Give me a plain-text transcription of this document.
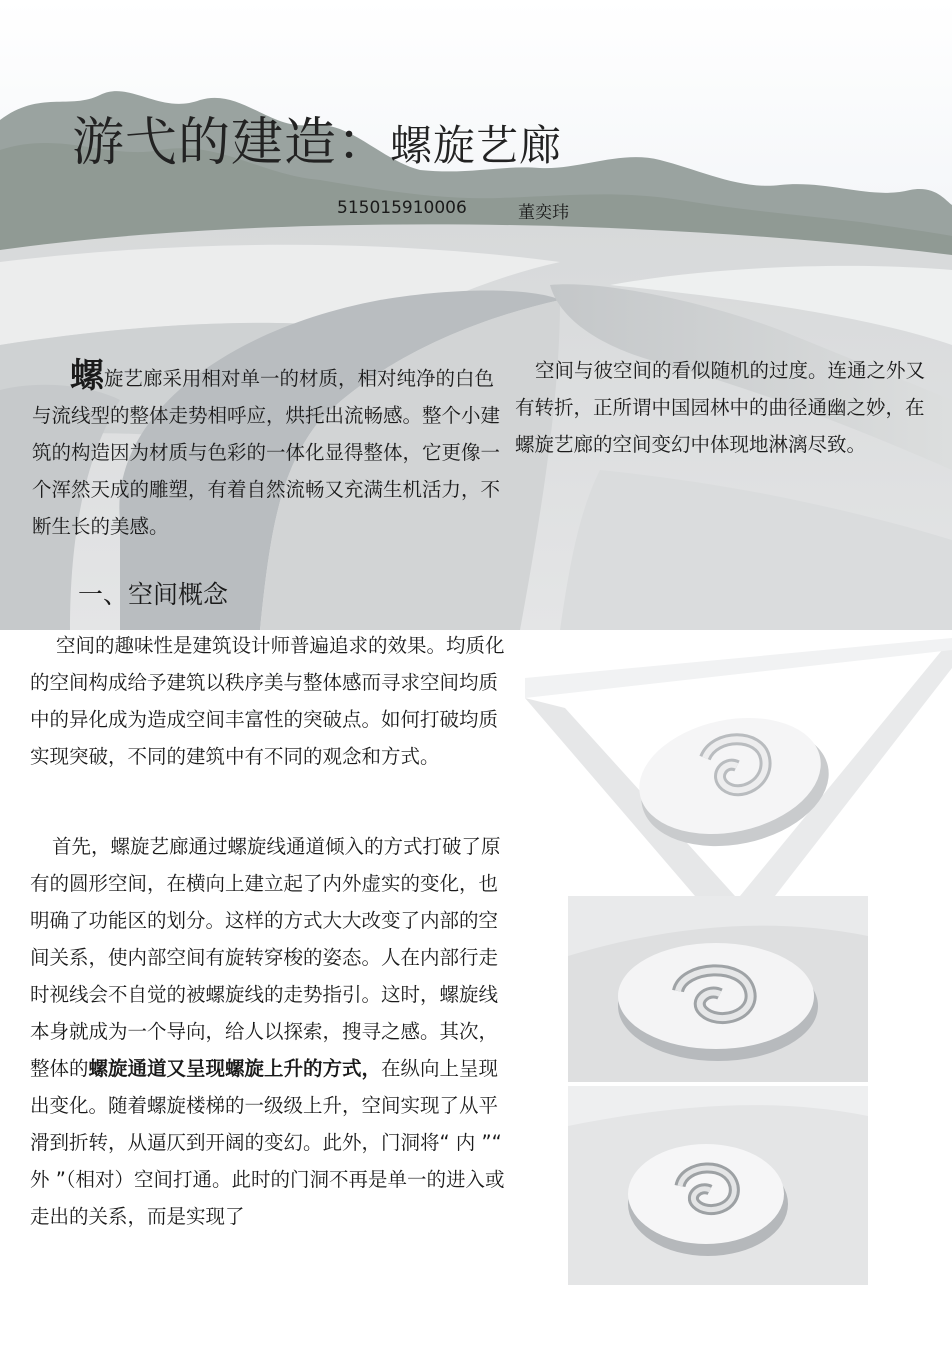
游弋的建造：螺旋艺廊
515015910006	董奕玮

螺旋艺廊采用相对单一的材质，相对纯净的白色与流线型的整体走势相呼应，烘托出流畅感。整个小建筑的构造因为材质与色彩的一体化显得整体，它更像一个浑然天成的雕塑，有着自然流畅又充满生机活力，不断生长的美感。

空间与彼空间的看似随机的过度。连通之外又有转折，正所谓中国园林中的曲径通幽之妙，在螺旋艺廊的空间变幻中体现地淋漓尽致。

一、空间概念

空间的趣味性是建筑设计师普遍追求的效果。均质化的空间构成给予建筑以秩序美与整体感而寻求空间均质中的异化成为造成空间丰富性的突破点。如何打破均质实现突破，不同的建筑中有不同的观念和方式。

首先，螺旋艺廊通过螺旋线通道倾入的方式打破了原有的圆形空间，在横向上建立起了内外虚实的变化，也明确了功能区的划分。这样的方式大大改变了内部的空间关系，使内部空间有旋转穿梭的姿态。人在内部行走时视线会不自觉的被螺旋线的走势指引。这时，螺旋线本身就成为一个导向，给人以探索，搜寻之感。其次，整体的螺旋通道又呈现螺旋上升的方式，在纵向上呈现出变化。随着螺旋楼梯的一级级上升，空间实现了从平滑到折转，从逼仄到开阔的变幻。此外，门洞将“ 内 ”“ 外 ”（相对）空间打通。此时的门洞不再是单一的进入或走出的关系，而是实现了
